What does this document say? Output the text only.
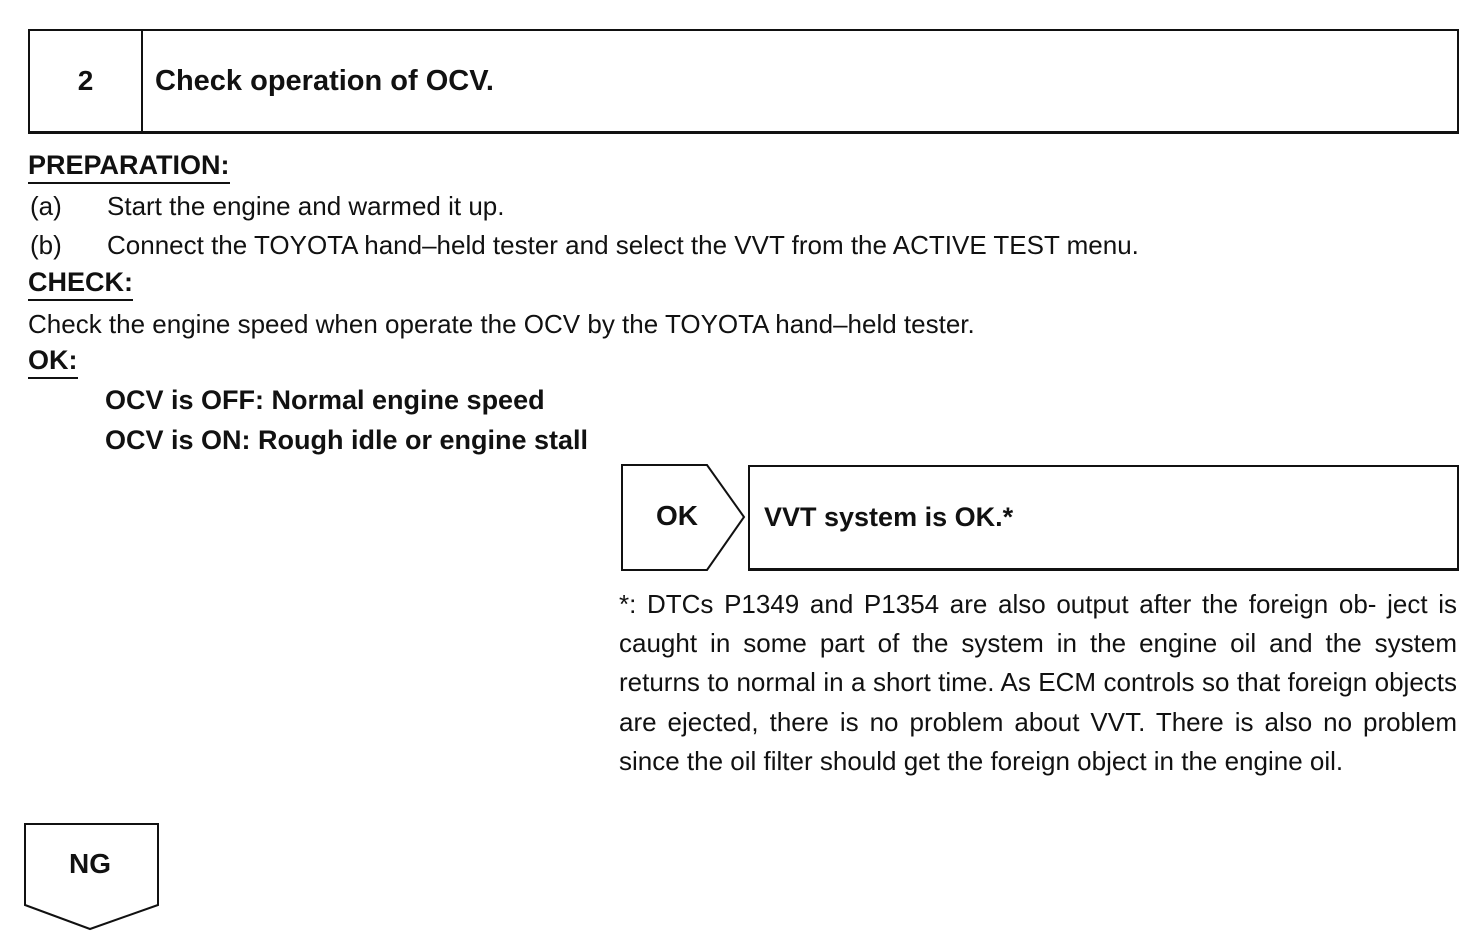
2	Check operation of OCV.
PREPARATION:
(a) Start the engine and warmed it up.
(b) Connect the TOYOTA hand–held tester and select the VVT from the ACTIVE TEST menu.
CHECK:
Check the engine speed when operate the OCV by the TOYOTA hand–held tester.
OK:
OCV is OFF: Normal engine speed
OCV is ON: Rough idle or engine stall
OK	VVT system is OK.*

*: DTCs P1349 and P1354 are also output after the foreign ob- ject is caught in some part of the system in the engine oil and the system returns to normal in a short time. As ECM controls so that foreign objects are ejected, there is no problem about VVT. There is also no problem since the oil filter should get the foreign object in the engine oil.

NG
